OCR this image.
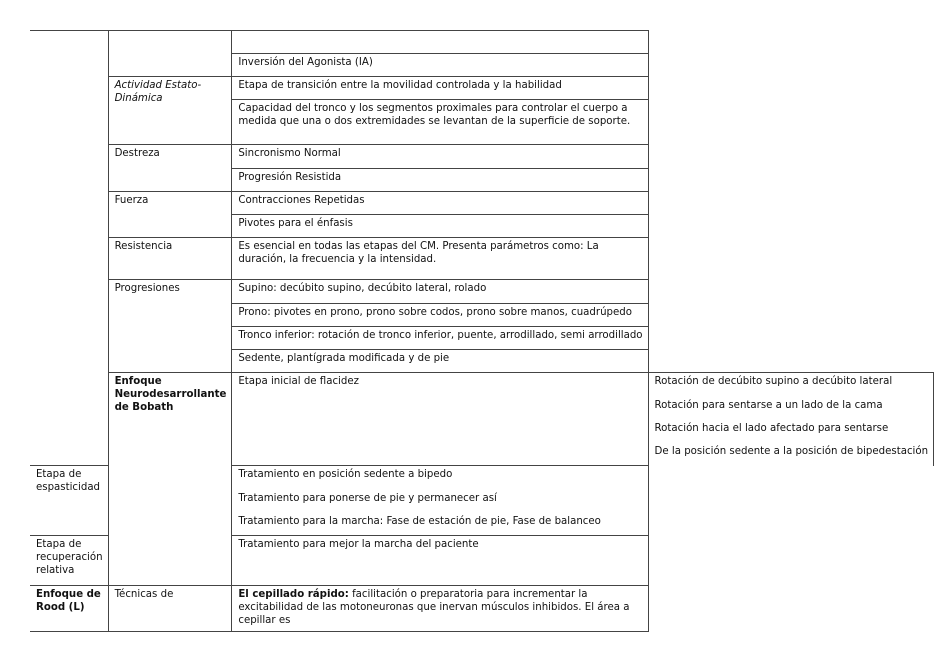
		Inversión del Agonista (IA)	
	Actividad Estato-Dinámica	Etapa de transición entre la movilidad controlada y la habilidad	
		Capacidad del tronco y los segmentos proximales para controlar el cuerpo a medida que una o dos extremidades se levantan de la superficie de soporte.	
	Destreza	Sincronismo Normal	
		Progresión Resistida	
	Fuerza	Contracciones Repetidas	
		Pivotes para el énfasis	
	Resistencia	Es esencial en todas las etapas del CM. Presenta parámetros como: La duración, la frecuencia y la intensidad.	
	Progresiones	Supino: decúbito supino, decúbito lateral, rolado	
		Prono: pivotes en prono, prono sobre codos, prono sobre manos, cuadrúpedo	
		Tronco inferior: rotación de tronco inferior, puente, arrodillado, semi arrodillado	
		Sedente, plantígrada modificada y de pie	
	Enfoque Neurodesarrollante de Bobath	Etapa inicial de flacidez	Rotación de decúbito supino a decúbito lateral
			Rotación para sentarse a un lado de la cama
			Rotación hacia el lado afectado para sentarse
			De la posición sedente a la posición de bipedestación
Etapa de espasticidad		Tratamiento en posición sedente a bipedo	
		Tratamiento para ponerse de pie y permanecer así	
		Tratamiento para la marcha: Fase de estación de pie, Fase de balanceo	
Etapa de recuperación relativa		Tratamiento para mejor la marcha del paciente	
Enfoque de Rood (L)	Técnicas de	El cepillado rápido: facilitación o preparatoria para incrementar la excitabilidad de las motoneuronas que inervan músculos inhibidos. El área a cepillar es	
